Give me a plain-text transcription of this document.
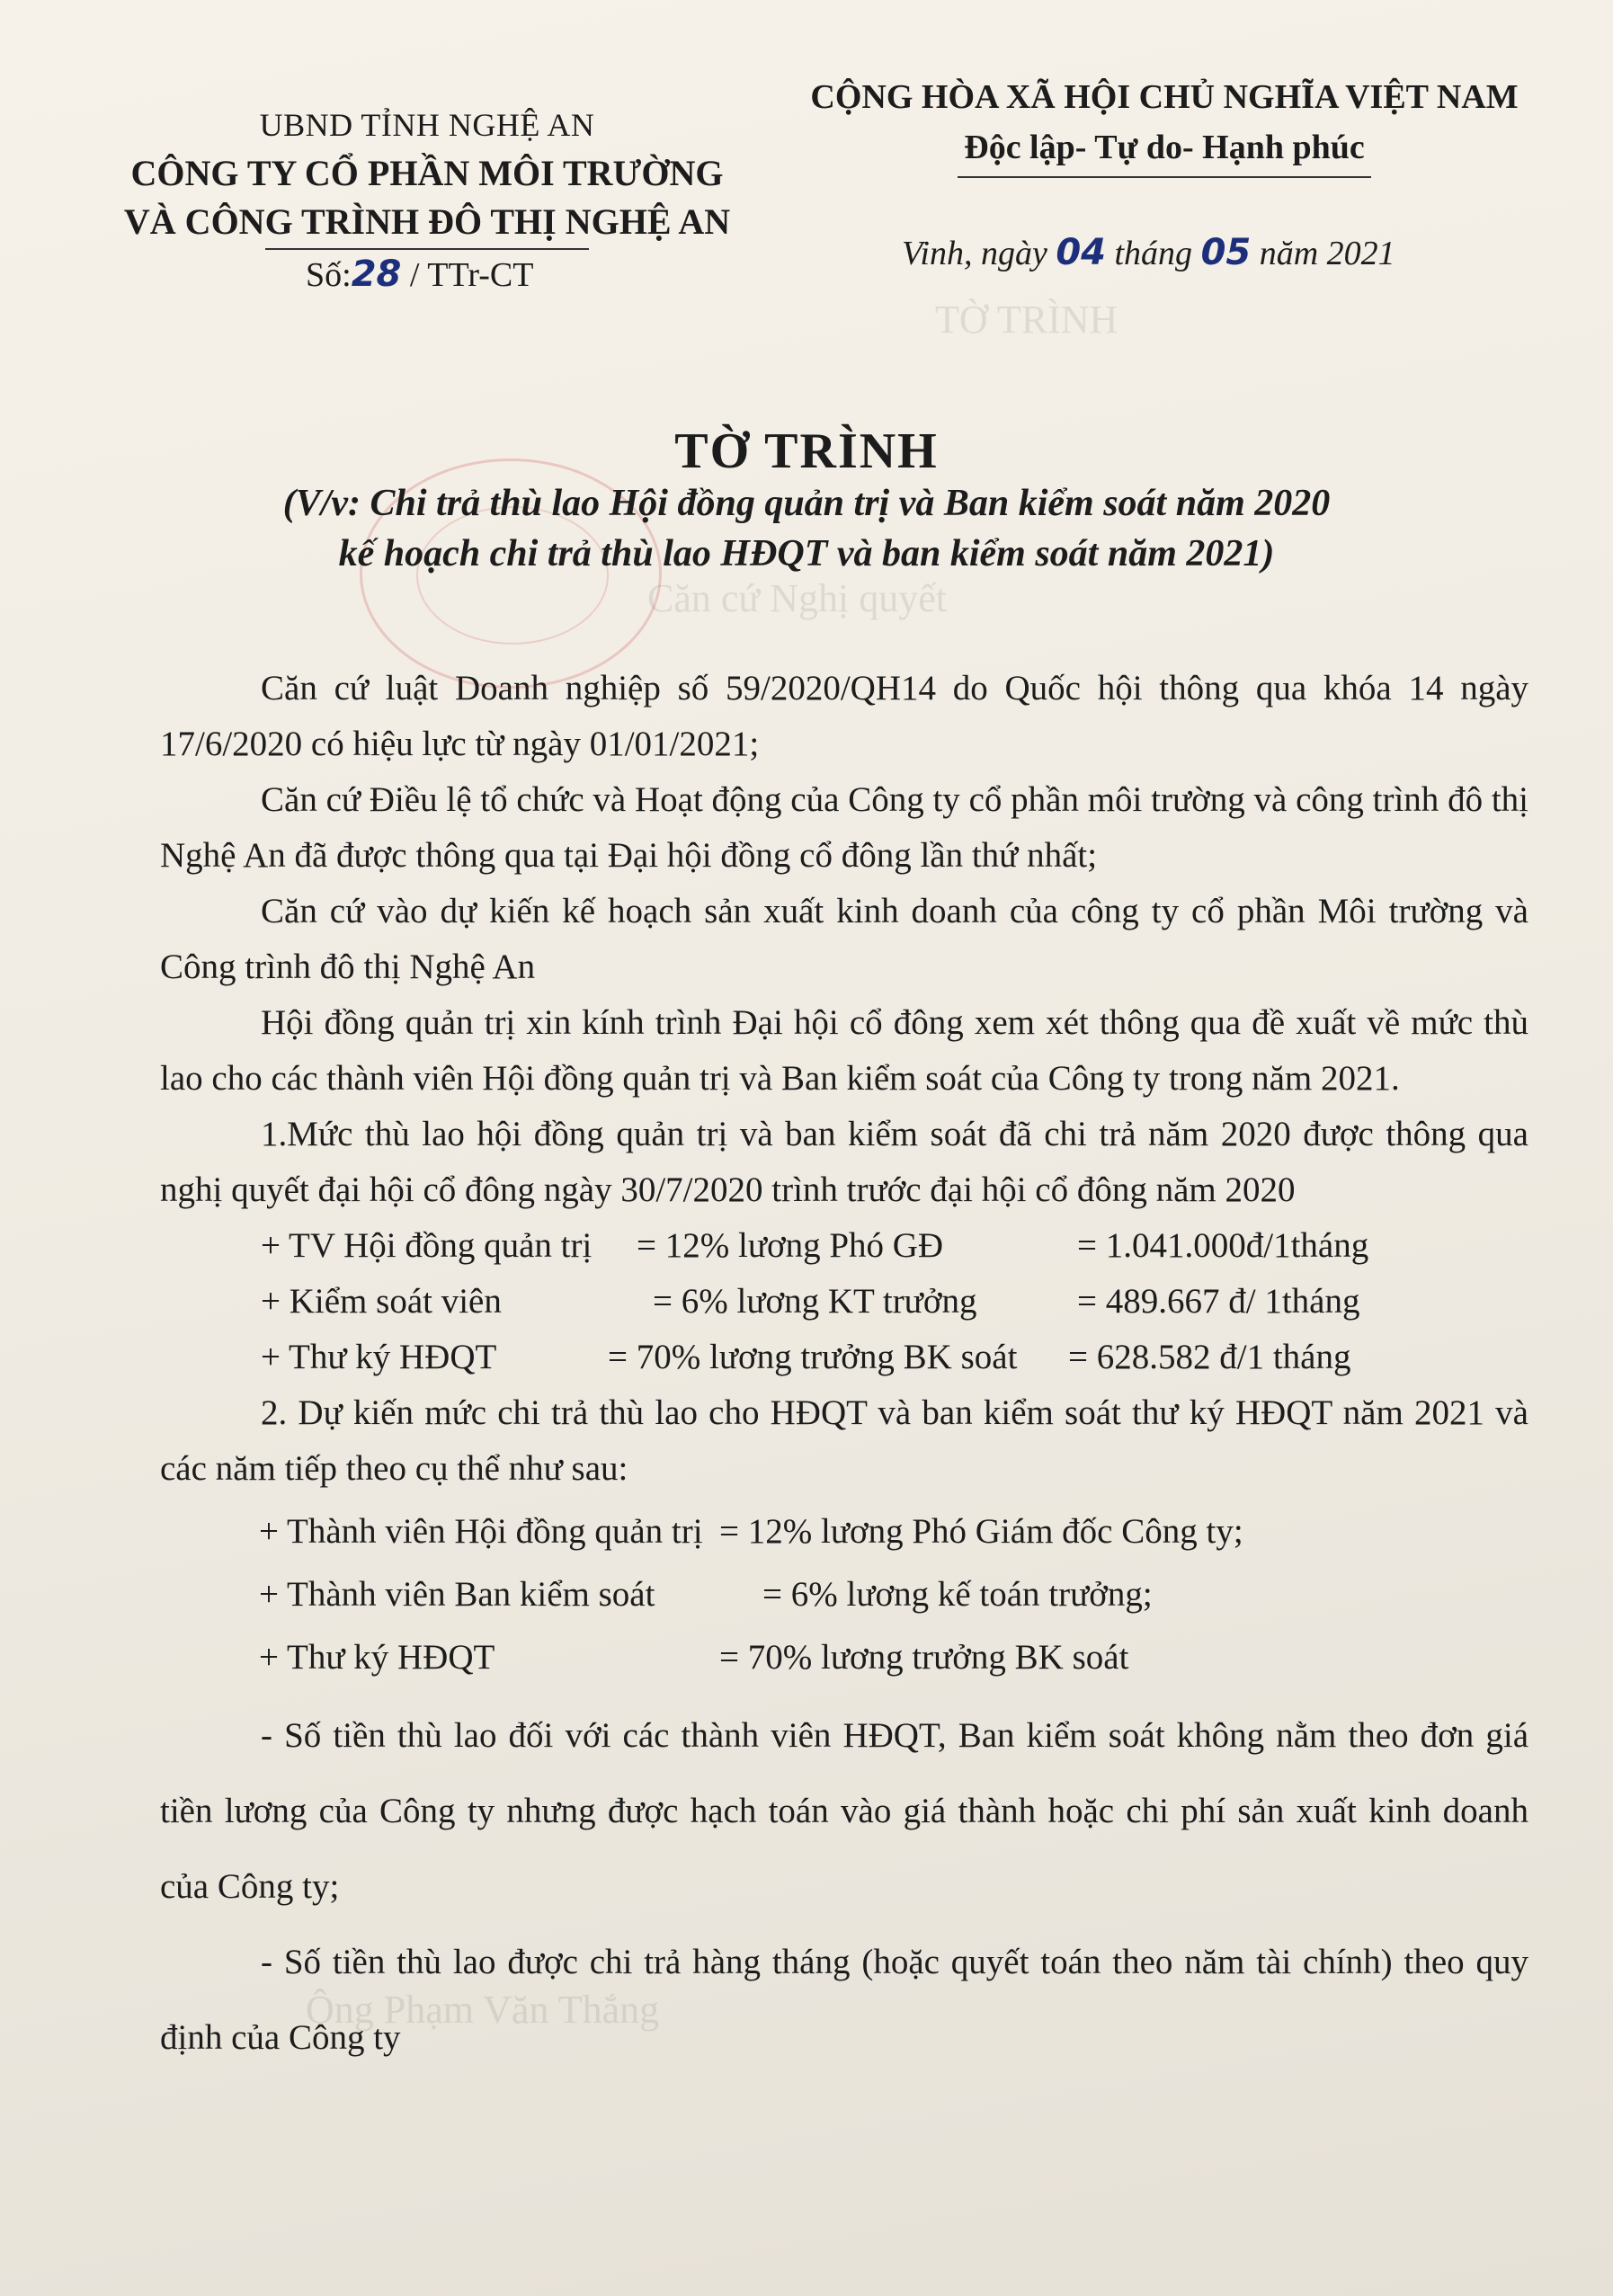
TỜ TRÌNH
Căn cứ Nghị quyết
Ông Phạm Văn Thắng
UBND TỈNH NGHỆ AN
CÔNG TY CỔ PHẦN MÔI TRƯỜNG
VÀ CÔNG TRÌNH ĐÔ THỊ NGHỆ AN
CỘNG HÒA XÃ HỘI CHỦ NGHĨA VIỆT NAM
Độc lập- Tự do- Hạnh phúc
Số:28 / TTr-CT
Vinh, ngày 04 tháng 05 năm 2021
TỜ TRÌNH
(V/v: Chi trả thù lao Hội đồng quản trị và Ban kiểm soát năm 2020
kế hoạch chi trả thù lao HĐQT và ban kiểm soát năm 2021)

Căn cứ luật Doanh nghiệp số 59/2020/QH14 do Quốc hội thông qua khóa 14 ngày 17/6/2020 có hiệu lực từ ngày 01/01/2021;

Căn cứ Điều lệ tổ chức và Hoạt động của Công ty cổ phần môi trường và công trình đô thị Nghệ An đã được thông qua tại Đại hội đồng cổ đông lần thứ nhất;

Căn cứ vào dự kiến kế hoạch sản xuất kinh doanh của công ty cổ phần Môi trường và Công trình đô thị Nghệ An

Hội đồng quản trị xin kính trình Đại hội cổ đông xem xét thông qua đề xuất về mức thù lao cho các thành viên Hội đồng quản trị và Ban kiểm soát của Công ty trong năm 2021.

1.Mức thù lao hội đồng quản trị và ban kiểm soát đã chi trả năm 2020 được thông qua nghị quyết đại hội cổ đông ngày 30/7/2020 trình trước đại hội cổ đông năm 2020

+ TV Hội đồng quản trị = 12% lương Phó GĐ	= 1.041.000đ/1tháng
+ Kiểm soát viên	= 6% lương KT trưởng	= 489.667 đ/ 1tháng
+ Thư ký HĐQT	= 70% lương trưởng BK soát = 628.582 đ/1 tháng

2. Dự kiến mức chi trả thù lao cho HĐQT và ban kiểm soát thư ký HĐQT năm 2021 và các năm tiếp theo cụ thể như sau:

+ Thành viên Hội đồng quản trị = 12% lương Phó Giám đốc Công ty;
+ Thành viên Ban kiểm soát	= 6% lương kế toán trưởng;
+ Thư ký HĐQT	= 70% lương trưởng BK soát

- Số tiền thù lao đối với các thành viên HĐQT, Ban kiểm soát không nằm theo đơn giá tiền lương của Công ty nhưng được hạch toán vào giá thành hoặc chi phí sản xuất kinh doanh của Công ty;

- Số tiền thù lao được chi trả hàng tháng (hoặc quyết toán theo năm tài chính) theo quy định của Công ty
